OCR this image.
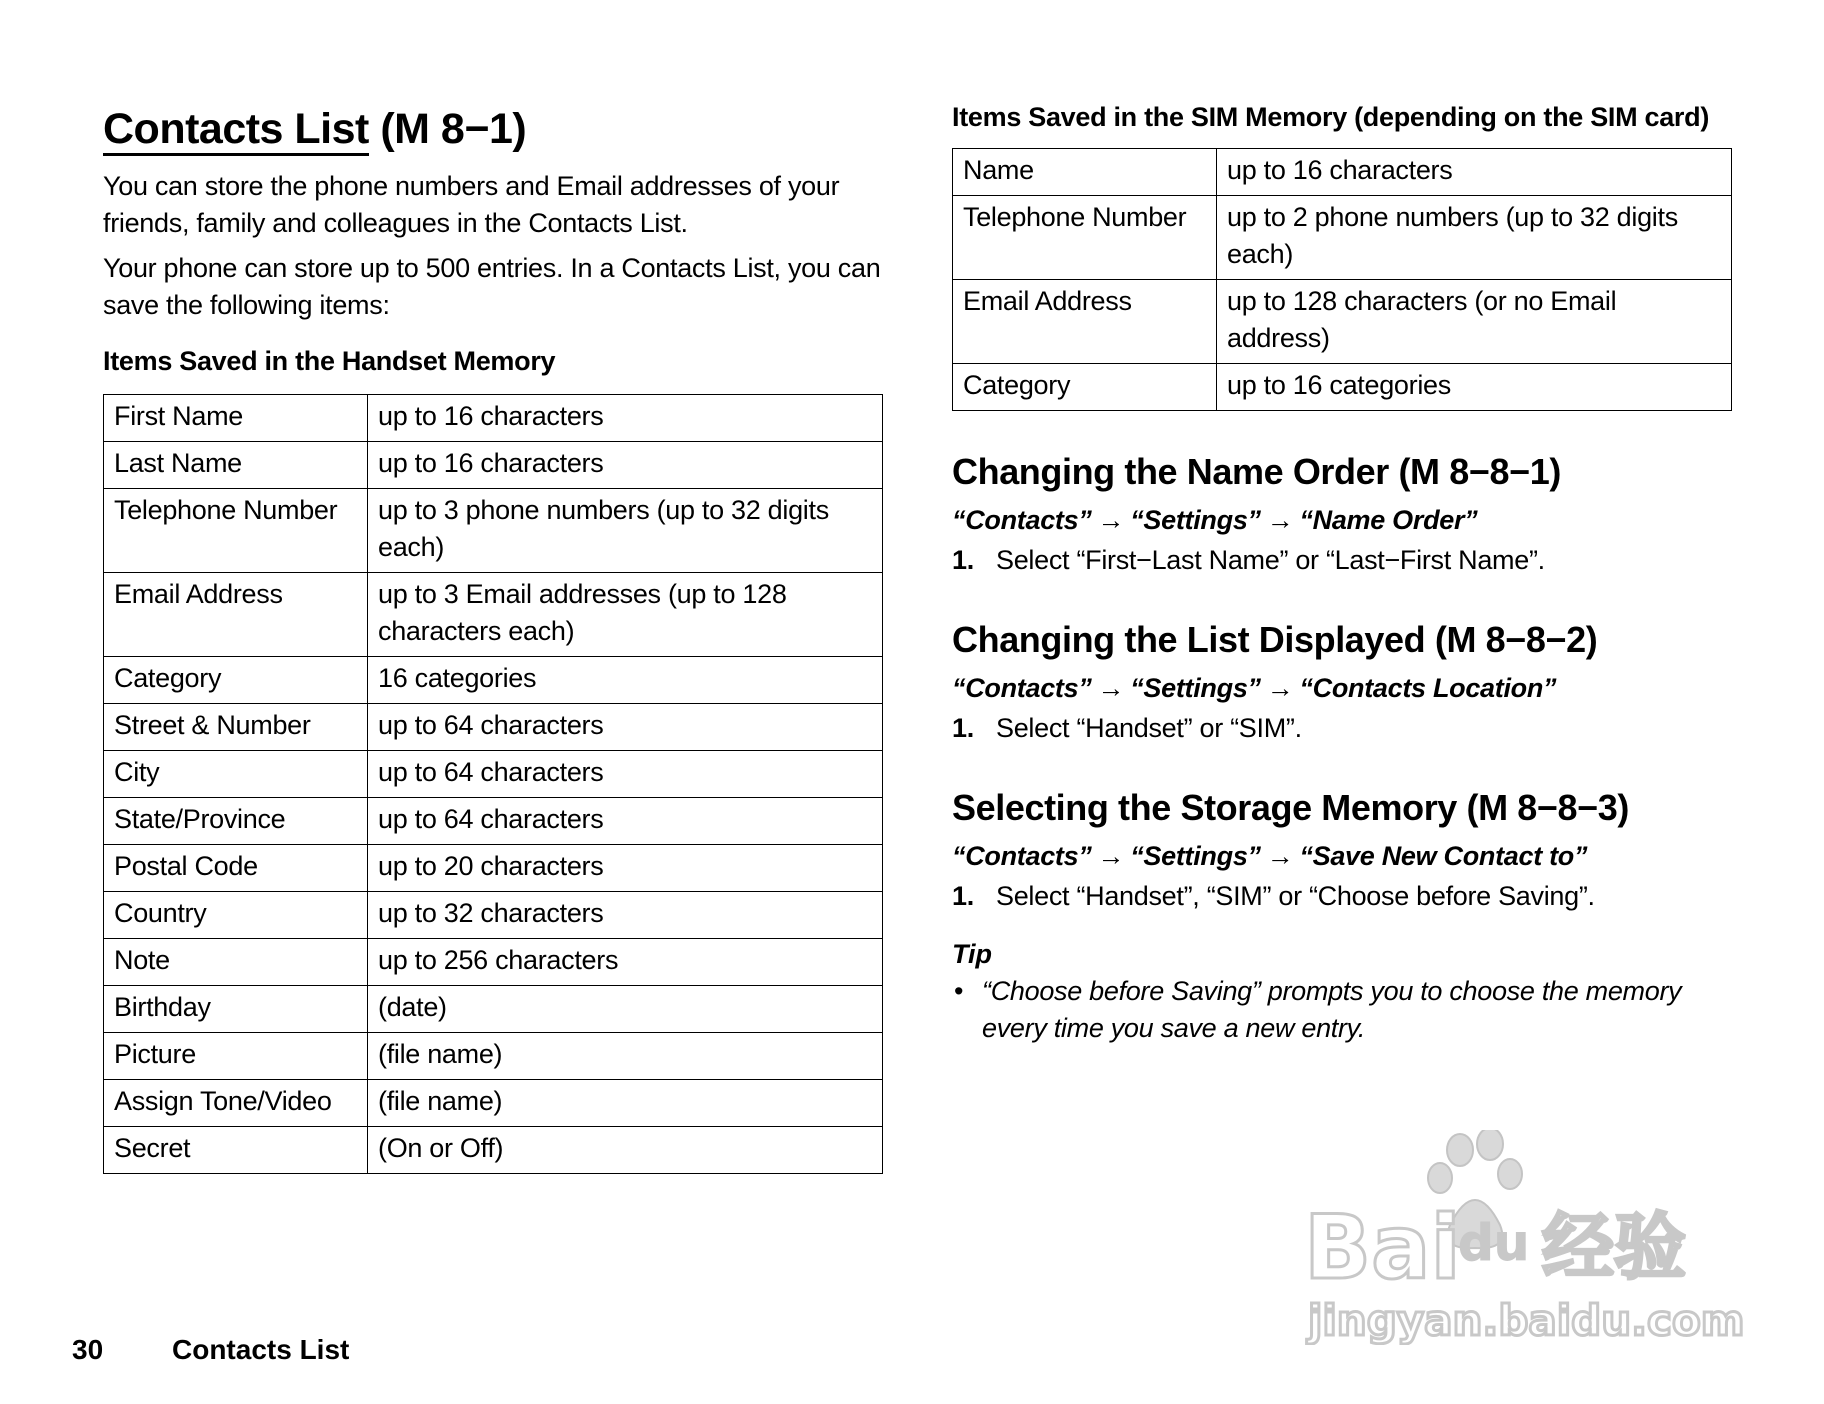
Contacts List (M 8−1)

You can store the phone numbers and Email addresses of your friends, family and colleagues in the Contacts List.

Your phone can store up to 500 entries. In a Contacts List, you can save the following items:

Items Saved in the Handset Memory
First Name	up to 16 characters
Last Name	up to 16 characters
Telephone Number	up to 3 phone numbers (up to 32 digits each)
Email Address	up to 3 Email addresses (up to 128 characters each)
Category	16 categories
Street & Number	up to 64 characters
City	up to 64 characters
State/Province	up to 64 characters
Postal Code	up to 20 characters
Country	up to 32 characters
Note	up to 256 characters
Birthday	(date)
Picture	(file name)
Assign Tone/Video	(file name)
Secret	(On or Off)
Items Saved in the SIM Memory (depending on the SIM card)
Name	up to 16 characters
Telephone Number	up to 2 phone numbers (up to 32 digits each)
Email Address	up to 128 characters (or no Email address)
Category	up to 16 categories
Changing the Name Order (M 8−8−1)

“Contacts” → “Settings” → “Name Order”

1. Select “First−Last Name” or “Last−First Name”.

Changing the List Displayed (M 8−8−2)

“Contacts” → “Settings” → “Contacts Location”

1. Select “Handset” or “SIM”.

Selecting the Storage Memory (M 8−8−3)

“Contacts” → “Settings” → “Save New Contact to”

1. Select “Handset”, “SIM” or “Choose before Saving”.

Tip

• “Choose before Saving” prompts you to choose the memory every time you save a new entry.

30 Contacts List
Bai
du 经验
jingyan.baidu.com
